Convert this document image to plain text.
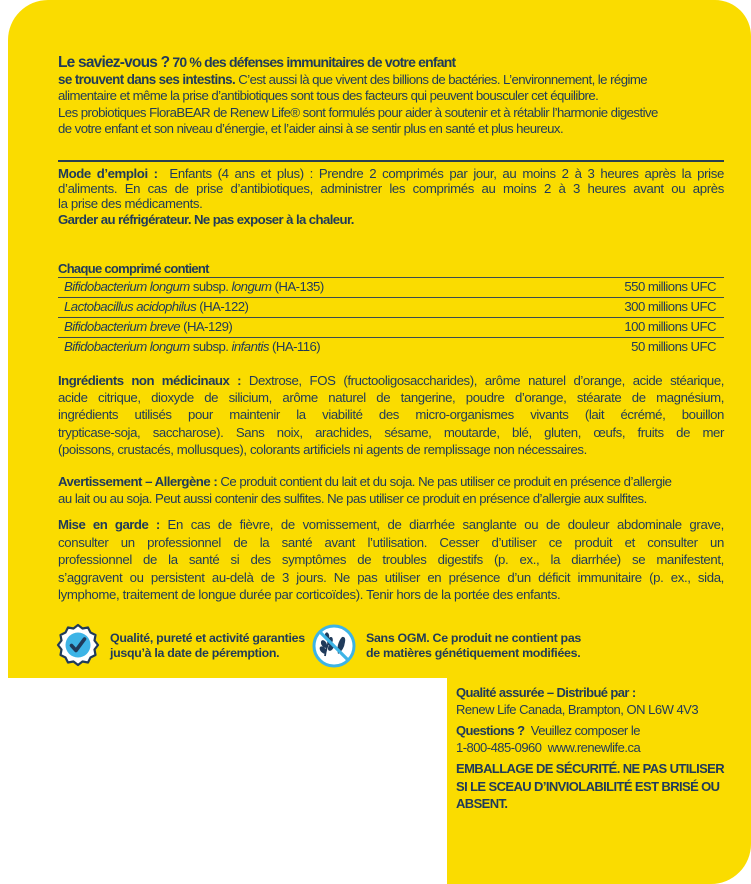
Le saviez-vous ? 70 % des défenses immunitaires de votre enfant
se trouvent dans ses intestins. C’est aussi là que vivent des billions de bactéries. L’environnement, le régime
alimentaire et même la prise d’antibiotiques sont tous des facteurs qui peuvent bousculer cet équilibre.
Les probiotiques FloraBEAR de Renew Life® sont formulés pour aider à soutenir et à rétablir l’harmonie digestive
de votre enfant et son niveau d’énergie, et l’aider ainsi à se sentir plus en santé et plus heureux.
Mode d’emploi : Enfants (4 ans et plus) : Prendre 2 comprimés par jour, au moins 2 à 3 heures après la prise
d’aliments. En cas de prise d’antibiotiques, administrer les comprimés au moins 2 à 3 heures avant ou après
la prise des médicaments.
Garder au réfrigérateur. Ne pas exposer à la chaleur.
Chaque comprimé contient
Bifidobacterium longum subsp. longum (HA-135)	550 millions UFC
Lactobacillus acidophilus (HA-122)	300 millions UFC
Bifidobacterium breve (HA-129)	100 millions UFC
Bifidobacterium longum subsp. infantis (HA-116)	50 millions UFC
Ingrédients non médicinaux : Dextrose, FOS (fructooligosaccharides), arôme naturel d’orange, acide stéarique,
acide citrique, dioxyde de silicium, arôme naturel de tangerine, poudre d’orange, stéarate de magnésium,
ingrédients utilisés pour maintenir la viabilité des micro-organismes vivants (lait écrémé, bouillon
trypticase-soja, saccharose). Sans noix, arachides, sésame, moutarde, blé, gluten, œufs, fruits de mer
(poissons, crustacés, mollusques), colorants artificiels ni agents de remplissage non nécessaires.
Avertissement – Allergène : Ce produit contient du lait et du soja. Ne pas utiliser ce produit en présence d’allergie
au lait ou au soja. Peut aussi contenir des sulfites. Ne pas utiliser ce produit en présence d’allergie aux sulfites.
Mise en garde : En cas de fièvre, de vomissement, de diarrhée sanglante ou de douleur abdominale grave,
consulter un professionnel de la santé avant l’utilisation. Cesser d’utiliser ce produit et consulter un
professionnel de la santé si des symptômes de troubles digestifs (p. ex., la diarrhée) se manifestent,
s’aggravent ou persistent au-delà de 3 jours. Ne pas utiliser en présence d’un déficit immunitaire (p. ex., sida,
lymphome, traitement de longue durée par corticoïdes). Tenir hors de la portée des enfants.
Qualité, pureté et activité garanties
jusqu’à la date de péremption.
Sans OGM. Ce produit ne contient pas
de matières génétiquement modifiées.
Qualité assurée – Distribué par :
Renew Life Canada, Brampton, ON L6W 4V3
Questions ? Veuillez composer le
1-800-485-0960 www.renewlife.ca
EMBALLAGE DE SÉCURITÉ. NE PAS UTILISER
SI LE SCEAU D’INVIOLABILITÉ EST BRISÉ OU
ABSENT.
